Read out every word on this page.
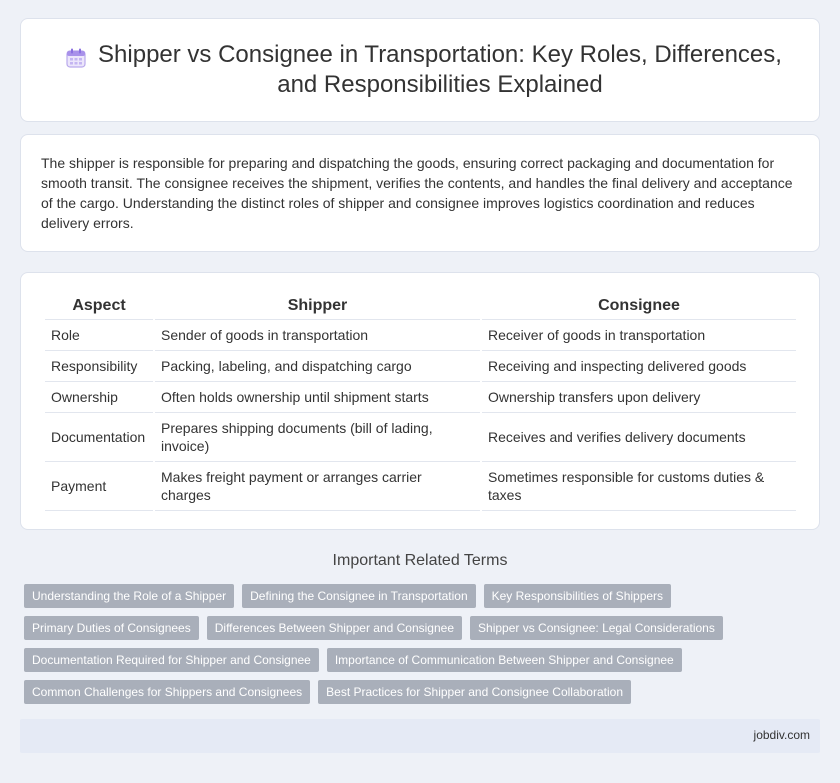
Shipper vs Consignee in Transportation: Key Roles, Differences, and Responsibilities Explained

The shipper is responsible for preparing and dispatching the goods, ensuring correct packaging and documentation for smooth transit. The consignee receives the shipment, verifies the contents, and handles the final delivery and acceptance of the cargo. Understanding the distinct roles of shipper and consignee improves logistics coordination and reduces delivery errors.

Aspect	Shipper	Consignee
Role	Sender of goods in transportation	Receiver of goods in transportation
Responsibility	Packing, labeling, and dispatching cargo	Receiving and inspecting delivered goods
Ownership	Often holds ownership until shipment starts	Ownership transfers upon delivery
Documentation	Prepares shipping documents (bill of lading, invoice)	Receives and verifies delivery documents
Payment	Makes freight payment or arranges carrier charges	Sometimes responsible for customs duties & taxes
Important Related Terms
Understanding the Role of a Shipper	Defining the Consignee in Transportation	Key Responsibilities of Shippers
Primary Duties of Consignees	Differences Between Shipper and Consignee	Shipper vs Consignee: Legal Considerations
Documentation Required for Shipper and Consignee	Importance of Communication Between Shipper and Consignee
Common Challenges for Shippers and Consignees	Best Practices for Shipper and Consignee Collaboration
jobdiv.com
